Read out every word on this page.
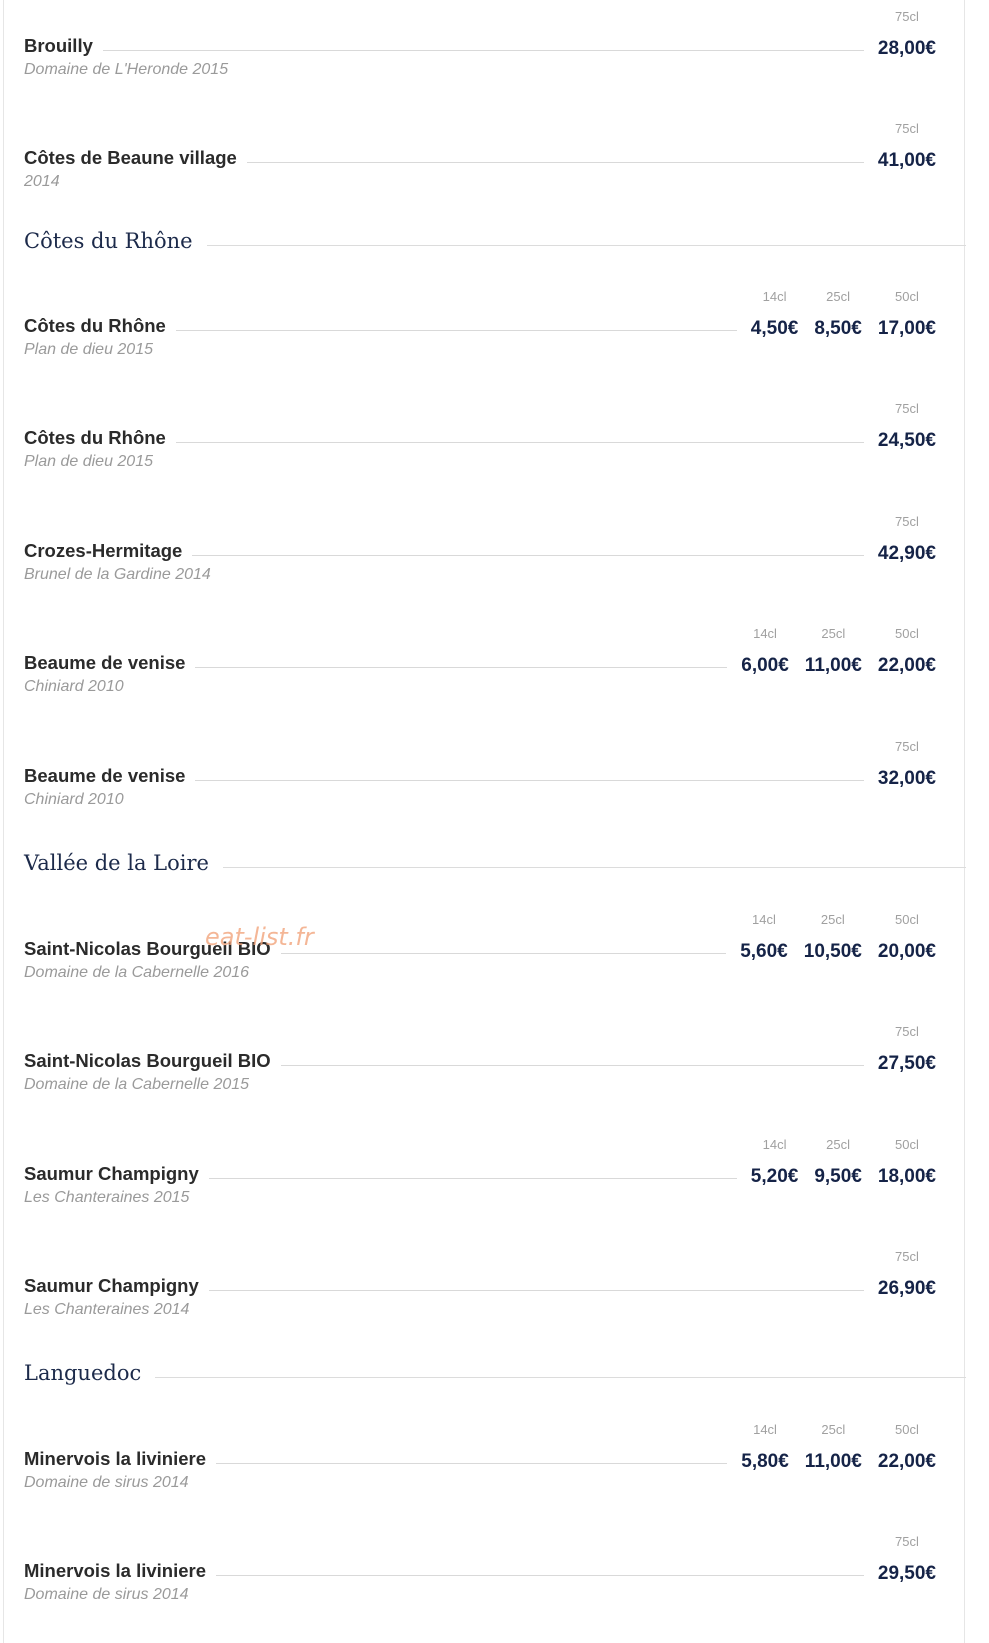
Brouilly
75cl
28,00€
Domaine de L'Heronde 2015
Côtes de Beaune village
75cl
41,00€
2014
Côtes du Rhône
Côtes du Rhône
14cl
4,50€
25cl
8,50€
50cl
17,00€
Plan de dieu 2015
Côtes du Rhône
75cl
24,50€
Plan de dieu 2015
Crozes-Hermitage
75cl
42,90€
Brunel de la Gardine 2014
Beaume de venise
14cl
6,00€
25cl
11,00€
50cl
22,00€
Chiniard 2010
Beaume de venise
75cl
32,00€
Chiniard 2010
Vallée de la Loire
Saint-Nicolas Bourgueil BIO
14cl
5,60€
25cl
10,50€
50cl
20,00€
Domaine de la Cabernelle 2016
Saint-Nicolas Bourgueil BIO
75cl
27,50€
Domaine de la Cabernelle 2015
Saumur Champigny
14cl
5,20€
25cl
9,50€
50cl
18,00€
Les Chanteraines 2015
Saumur Champigny
75cl
26,90€
Les Chanteraines 2014
Languedoc
Minervois la liviniere
14cl
5,80€
25cl
11,00€
50cl
22,00€
Domaine de sirus 2014
Minervois la liviniere
75cl
29,50€
Domaine de sirus 2014
eat-list.fr
